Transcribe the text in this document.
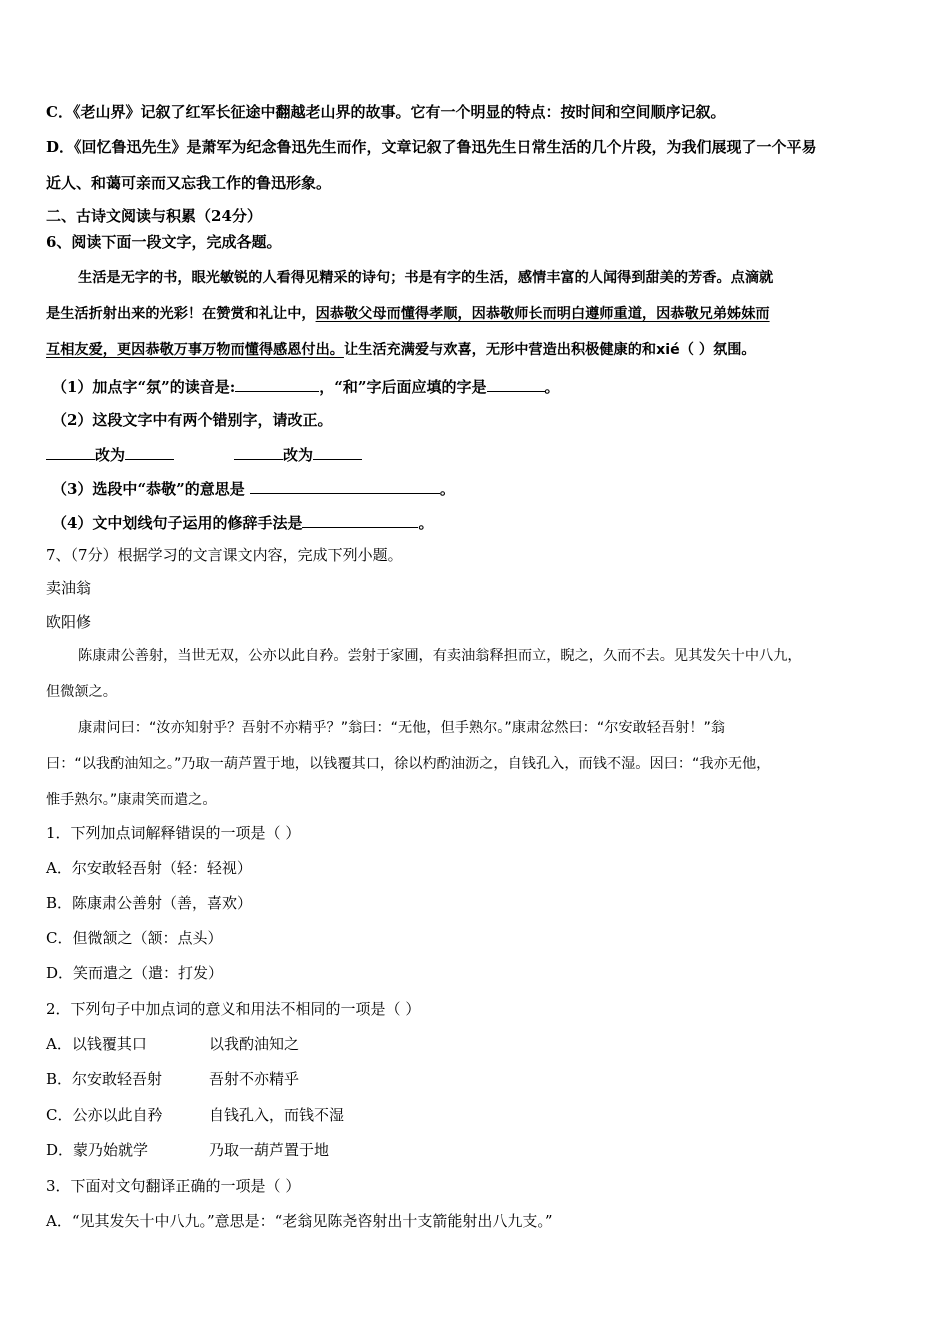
C．《老山界》记叙了红军长征途中翻越老山界的故事。它有一个明显的特点：按时间和空间顺序记叙。
D．《回忆鲁迅先生》是萧军为纪念鲁迅先生而作，文章记叙了鲁迅先生日常生活的几个片段，为我们展现了一个平易
近人、和蔼可亲而又忘我工作的鲁迅形象。
二、古诗文阅读与积累（24分）
6、阅读下面一段文字，完成各题。
生活是无字的书，眼光敏锐的人看得见精采的诗句；书是有字的生活，感情丰富的人闻得到甜美的芳香。点滴就
是生活折射出来的光彩！在赞赏和礼让中，因恭敬父母而懂得孝顺，因恭敬师长而明白遵师重道，因恭敬兄弟姊妹而
互相友爱，更因恭敬万事万物而懂得感恩付出。让生活充满爱与欢喜，无形中营造出积极健康的和xié（ ）氛围。
（1）加点字“氛”的读音是:	，“和”字后面应填的字是	。
（2）这段文字中有两个错别字，请改正。
改为	改为
（3）选段中“恭敬”的意思是	。
（4）文中划线句子运用的修辞手法是	。
7、（7分）根据学习的文言课文内容，完成下列小题。
卖油翁
欧阳修
陈康肃公善射，当世无双，公亦以此自矜。尝射于家圃，有卖油翁释担而立，睨之，久而不去。见其发矢十中八九，
但微颔之。
康肃问曰：“汝亦知射乎？吾射不亦精乎？”翁曰：“无他，但手熟尔。”康肃忿然曰：“尔安敢轻吾射！”翁
曰：“以我酌油知之。”乃取一葫芦置于地，以钱覆其口，徐以杓酌油沥之，自钱孔入，而钱不湿。因曰：“我亦无他，
惟手熟尔。”康肃笑而遣之。
1．下列加点词解释错误的一项是（ ）
A．尔安敢轻吾射（轻：轻视）
B．陈康肃公善射（善，喜欢）
C．但微颔之（颔：点头）
D．笑而遣之（遣：打发）
2．下列句子中加点词的意义和用法不相同的一项是（ ）
A．以钱覆其口	以我酌油知之
B．尔安敢轻吾射	吾射不亦精乎
C．公亦以此自矜	自钱孔入，而钱不湿
D．蒙乃始就学	乃取一葫芦置于地
3．下面对文句翻译正确的一项是（ ）
A．“见其发矢十中八九。”意思是：“老翁见陈尧咨射出十支箭能射出八九支。”
